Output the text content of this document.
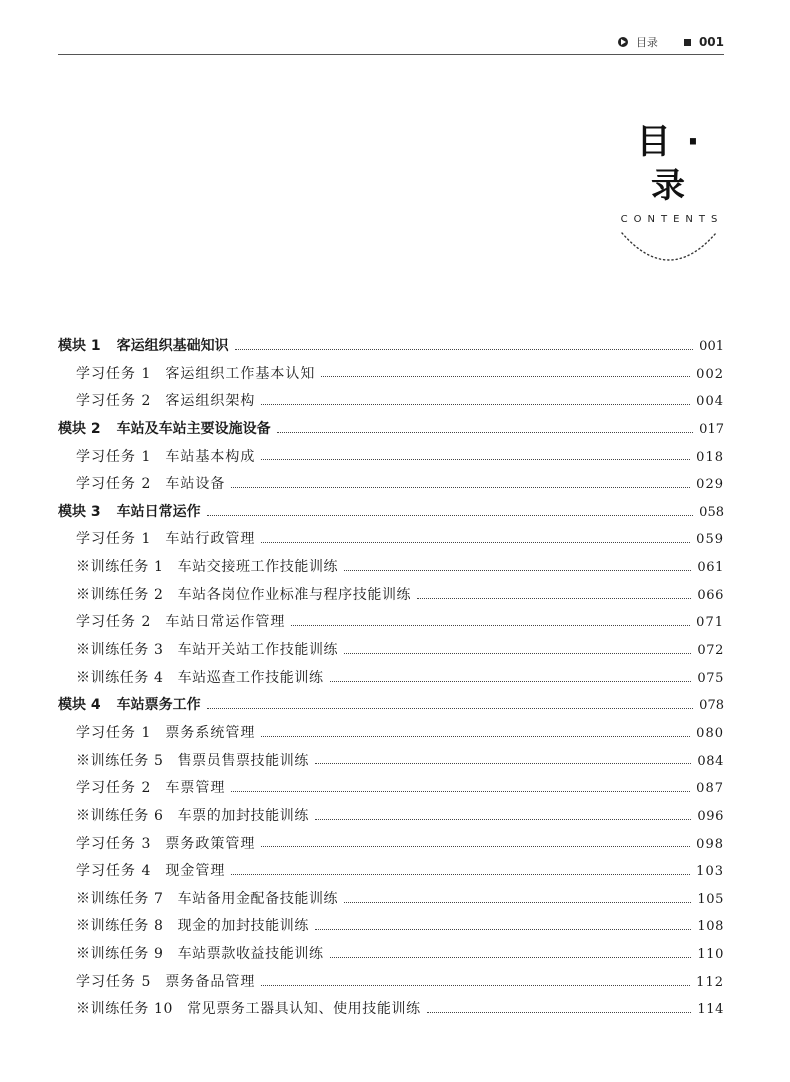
目录	001
目 · 录
CONTENTS
模块 1 客运组织基础知识	001
学习任务 1 客运组织工作基本认知	002
学习任务 2 客运组织架构	004
模块 2 车站及车站主要设施设备	017
学习任务 1 车站基本构成	018
学习任务 2 车站设备	029
模块 3 车站日常运作	058
学习任务 1 车站行政管理	059
※训练任务 1 车站交接班工作技能训练	061
※训练任务 2 车站各岗位作业标准与程序技能训练	066
学习任务 2 车站日常运作管理	071
※训练任务 3 车站开关站工作技能训练	072
※训练任务 4 车站巡查工作技能训练	075
模块 4 车站票务工作	078
学习任务 1 票务系统管理	080
※训练任务 5 售票员售票技能训练	084
学习任务 2 车票管理	087
※训练任务 6 车票的加封技能训练	096
学习任务 3 票务政策管理	098
学习任务 4 现金管理	103
※训练任务 7 车站备用金配备技能训练	105
※训练任务 8 现金的加封技能训练	108
※训练任务 9 车站票款收益技能训练	110
学习任务 5 票务备品管理	112
※训练任务 10 常见票务工器具认知、使用技能训练	114
